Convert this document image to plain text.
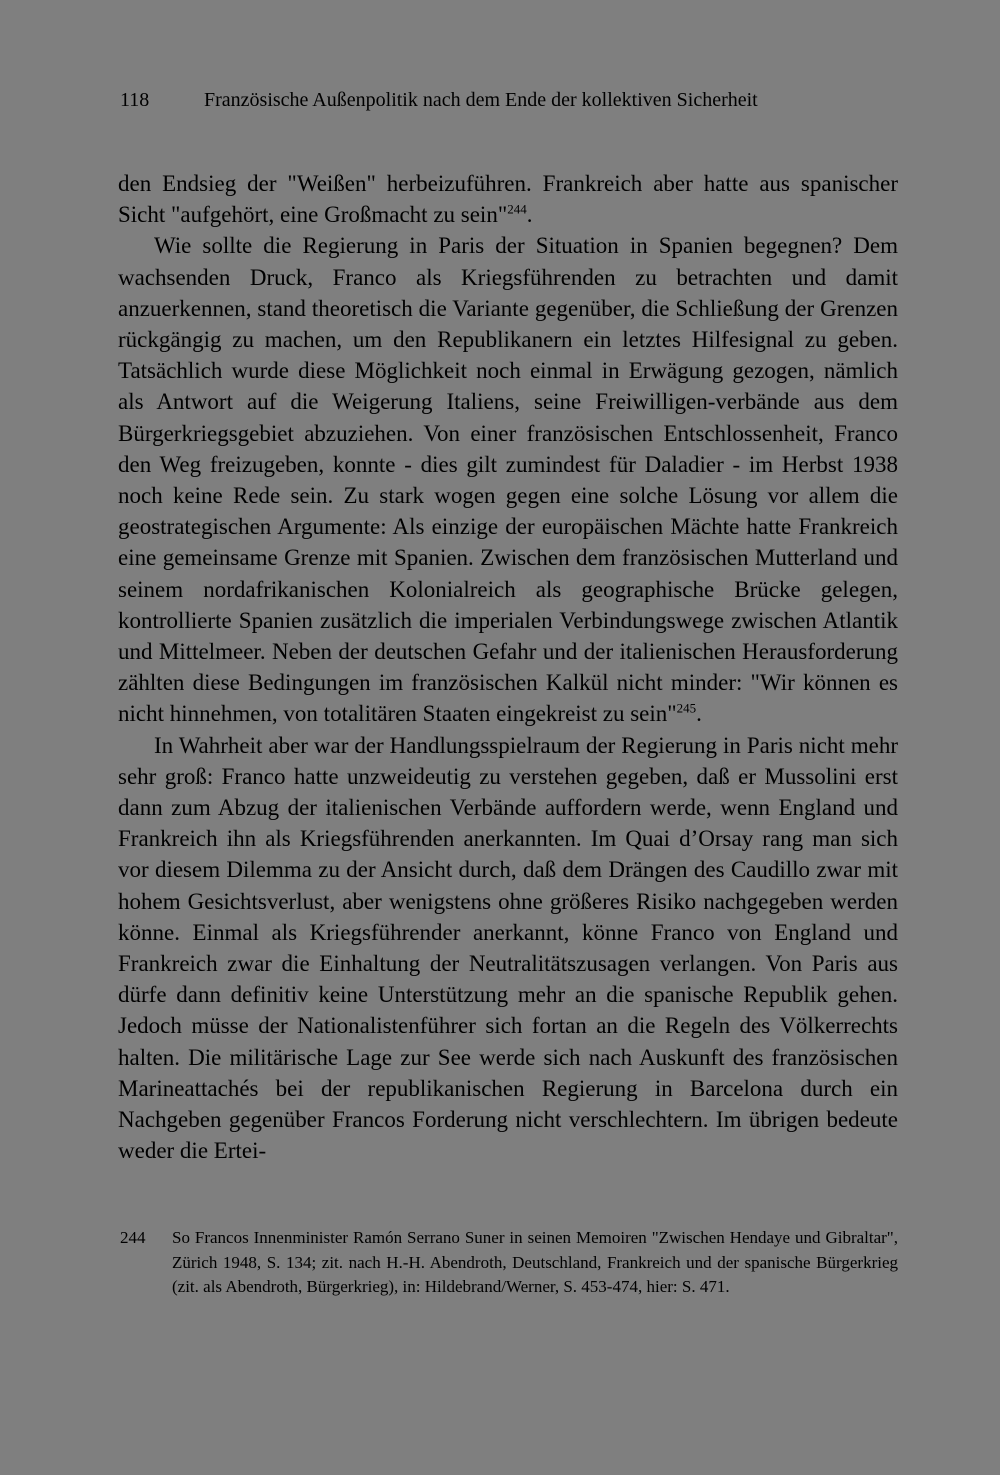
118	Französische Außenpolitik nach dem Ende der kollektiven Sicherheit

den Endsieg der "Weißen" herbeizuführen. Frankreich aber hatte aus spanischer Sicht "aufgehört, eine Großmacht zu sein"$^{244}$.

Wie sollte die Regierung in Paris der Situation in Spanien begegnen? Dem wachsenden Druck, Franco als Kriegsführenden zu betrachten und damit anzuerkennen, stand theoretisch die Variante gegenüber, die Schließung der Grenzen rückgängig zu machen, um den Republikanern ein letztes Hilfesignal zu geben. Tatsächlich wurde diese Möglichkeit noch einmal in Erwägung gezogen, nämlich als Antwort auf die Weigerung Italiens, seine Freiwilligen-verbände aus dem Bürgerkriegsgebiet abzuziehen. Von einer französischen Entschlossenheit, Franco den Weg freizugeben, konnte - dies gilt zumindest für Daladier - im Herbst 1938 noch keine Rede sein. Zu stark wogen gegen eine solche Lösung vor allem die geostrategischen Argumente: Als einzige der europäischen Mächte hatte Frankreich eine gemeinsame Grenze mit Spanien. Zwischen dem französischen Mutterland und seinem nordafrikanischen Kolonialreich als geographische Brücke gelegen, kontrollierte Spanien zusätzlich die imperialen Verbindungswege zwischen Atlantik und Mittelmeer. Neben der deutschen Gefahr und der italienischen Herausforderung zählten diese Bedingungen im französischen Kalkül nicht minder: "Wir können es nicht hinnehmen, von totalitären Staaten eingekreist zu sein"$^{245}$.

In Wahrheit aber war der Handlungsspielraum der Regierung in Paris nicht mehr sehr groß: Franco hatte unzweideutig zu verstehen gegeben, daß er Mussolini erst dann zum Abzug der italienischen Verbände auffordern werde, wenn England und Frankreich ihn als Kriegsführenden anerkannten. Im Quai d’Orsay rang man sich vor diesem Dilemma zu der Ansicht durch, daß dem Drängen des Caudillo zwar mit hohem Gesichtsverlust, aber wenigstens ohne größeres Risiko nachgegeben werden könne. Einmal als Kriegsführender anerkannt, könne Franco von England und Frankreich zwar die Einhaltung der Neutralitätszusagen verlangen. Von Paris aus dürfe dann definitiv keine Unterstützung mehr an die spanische Republik gehen. Jedoch müsse der Nationalistenführer sich fortan an die Regeln des Völkerrechts halten. Die militärische Lage zur See werde sich nach Auskunft des französischen Marineattachés bei der republikanischen Regierung in Barcelona durch ein Nachgeben gegenüber Francos Forderung nicht verschlechtern. Im übrigen bedeute weder die Ertei-

244	So Francos Innenminister Ramón Serrano Suner in seinen Memoiren "Zwischen Hendaye und Gibraltar", Zürich 1948, S. 134; zit. nach H.-H. Abendroth, Deutschland, Frankreich und der spanische Bürgerkrieg (zit. als Abendroth, Bürgerkrieg), in: Hildebrand/Werner, S. 453-474, hier: S. 471.
